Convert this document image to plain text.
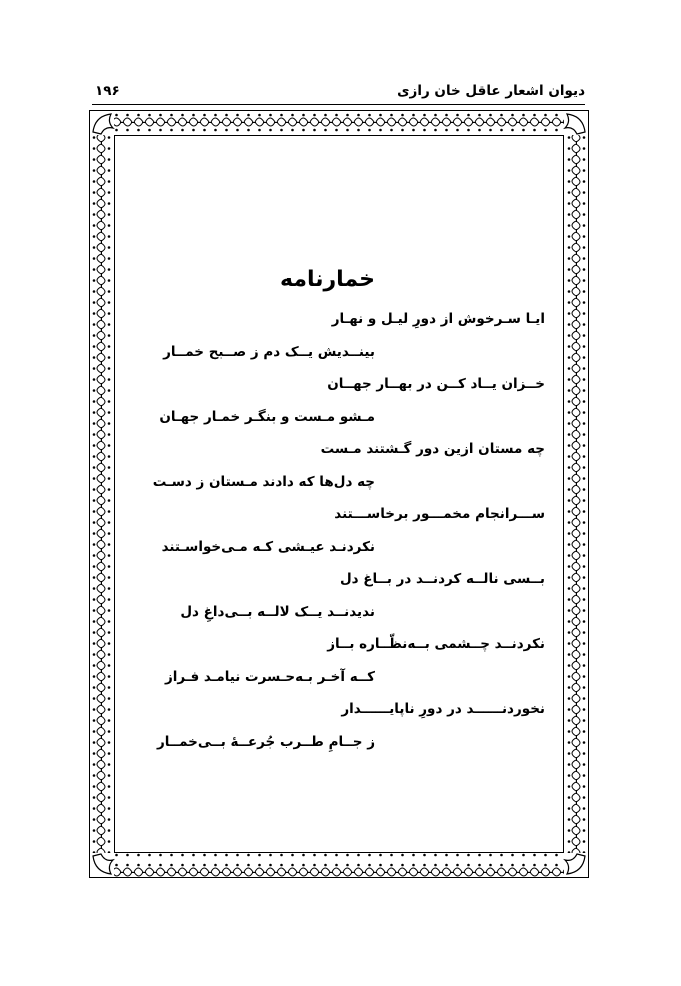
دیوان اشعار عاقل خان رازی
۱۹۶
خمارنامه
ایـا سـرخوش از دورِ لیـل و نهـار
بینــدیش یــک دم ز صــبح خمــار
خــزان یــاد کــن در بهــار جهــان
مـشو مـست و بنگـر خمـار جهـان
چه مستان ازین دور گـشتند مـست
چه دل‌ها که دادند مـستان ز دسـت
ســـرانجام مخمـــور برخاســـتند
نکردنـد عیـشی کـه مـی‌خواسـتند
بــسی نالــه کردنــد در بــاغ دل
ندیدنــد یــک لالــه بــی‌داغِ دل
نکردنــد چــشمی بــه‌نظّــاره بــاز
کــه آخـر بـه‌حـسرت نیامـد فـراز
نخوردنــــــد در دورِ ناپایــــــدار
ز جــامِ طــرب جُرعــهٔ بــی‌خمــار
